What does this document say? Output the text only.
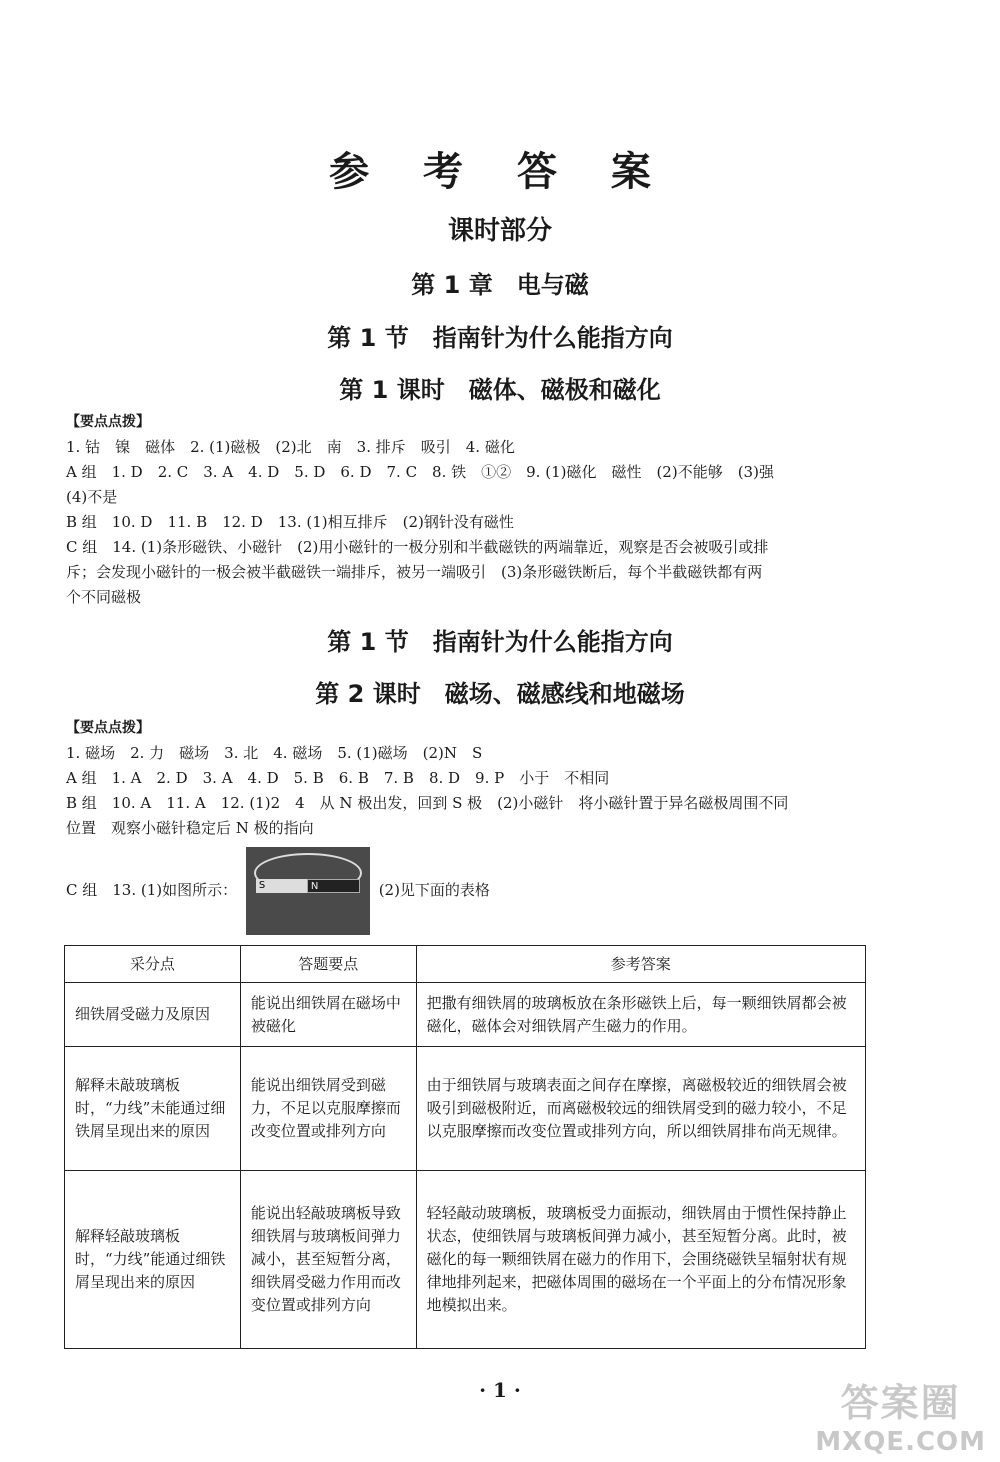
参 考 答 案
课时部分
第 1 章　电与磁
第 1 节　指南针为什么能指方向
第 1 课时　磁体、磁极和磁化

【要点点拨】

1. 钴　镍　磁体　2. (1)磁极　(2)北　南　3. 排斥　吸引　4. 磁化

A 组　1. D　2. C　3. A　4. D　5. D　6. D　7. C　8. 铁　①②　9. (1)磁化　磁性　(2)不能够　(3)强

(4)不是

B 组　10. D　11. B　12. D　13. (1)相互排斥　(2)钢针没有磁性

C 组　14. (1)条形磁铁、小磁针　(2)用小磁针的一极分别和半截磁铁的两端靠近，观察是否会被吸引或排

斥；会发现小磁针的一极会被半截磁铁一端排斥，被另一端吸引　(3)条形磁铁断后，每个半截磁铁都有两

个不同磁极

第 1 节　指南针为什么能指方向
第 2 课时　磁场、磁感线和地磁场

【要点点拨】

1. 磁场　2. 力　磁场　3. 北　4. 磁场　5. (1)磁场　(2)N　S

A 组　1. A　2. D　3. A　4. D　5. B　6. B　7. B　8. D　9. P　小于　不相同

B 组　10. A　11. A　12. (1)2　4　从 N 极出发，回到 S 极　(2)小磁针　将小磁针置于异名磁极周围不同

位置　观察小磁针稳定后 N 极的指向

C 组　13. (1)如图所示：	S	N	(2)见下面的表格

采分点	答题要点	参考答案
细铁屑受磁力及原因	能说出细铁屑在磁场中被磁化	把撒有细铁屑的玻璃板放在条形磁铁上后，每一颗细铁屑都会被磁化，磁体会对细铁屑产生磁力的作用。
解释未敲玻璃板时，“力线”未能通过细铁屑呈现出来的原因	能说出细铁屑受到磁力，不足以克服摩擦而改变位置或排列方向	由于细铁屑与玻璃表面之间存在摩擦，离磁极较近的细铁屑会被吸引到磁极附近，而离磁极较远的细铁屑受到的磁力较小，不足以克服摩擦而改变位置或排列方向，所以细铁屑排布尚无规律。
解释轻敲玻璃板时，“力线”能通过细铁屑呈现出来的原因	能说出轻敲玻璃板导致细铁屑与玻璃板间弹力减小，甚至短暂分离，细铁屑受磁力作用而改变位置或排列方向	轻轻敲动玻璃板，玻璃板受力面振动，细铁屑由于惯性保持静止状态，使细铁屑与玻璃板间弹力减小，甚至短暂分离。此时，被磁化的每一颗细铁屑在磁力的作用下，会围绕磁铁呈辐射状有规律地排列起来，把磁体周围的磁场在一个平面上的分布情况形象地模拟出来。
· 1 ·	答案圈
MXQE.COM
